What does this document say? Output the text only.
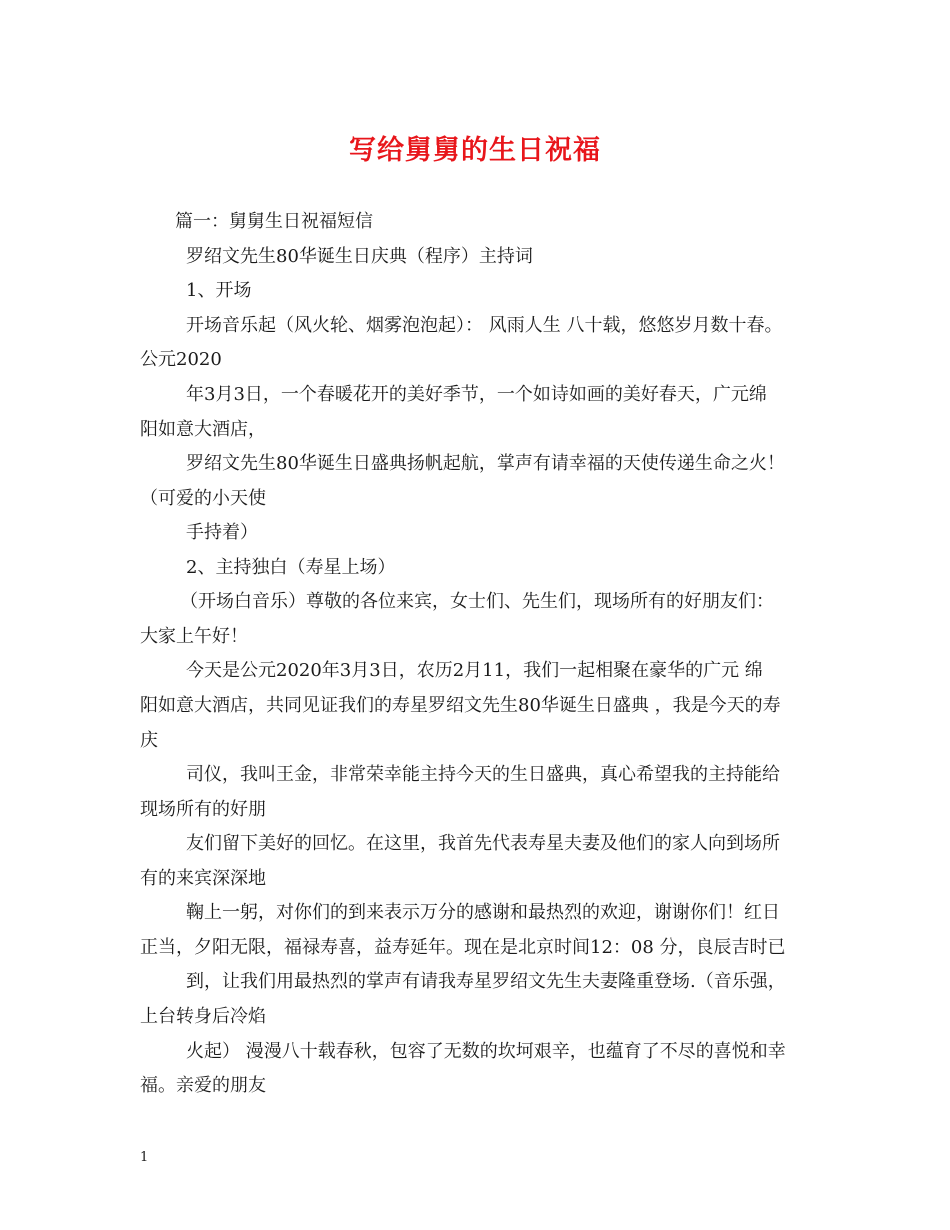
写给舅舅的生日祝福

篇一：舅舅生日祝福短信

罗绍文先生80华诞生日庆典（程序）主持词

1、开场

开场音乐起（风火轮、烟雾泡泡起）： 风雨人生 八十载，悠悠岁月数十春。

公元2020

年3月3日，一个春暖花开的美好季节，一个如诗如画的美好春天，广元绵

阳如意大酒店，

罗绍文先生80华诞生日盛典扬帆起航，掌声有请幸福的天使传递生命之火！

（可爱的小天使

手持着）

2、主持独白（寿星上场）

（开场白音乐）尊敬的各位来宾，女士们、先生们，现场所有的好朋友们：

大家上午好！

今天是公元2020年3月3日，农历2月11，我们一起相聚在豪华的广元 绵

阳如意大酒店，共同见证我们的寿星罗绍文先生80华诞生日盛典 ，我是今天的寿

庆

司仪，我叫王金，非常荣幸能主持今天的生日盛典，真心希望我的主持能给

现场所有的好朋

友们留下美好的回忆。在这里，我首先代表寿星夫妻及他们的家人向到场所

有的来宾深深地

鞠上一躬，对你们的到来表示万分的感谢和最热烈的欢迎，谢谢你们！红日

正当，夕阳无限，福禄寿喜，益寿延年。现在是北京时间12：08 分，良辰吉时已

到，让我们用最热烈的掌声有请我寿星罗绍文先生夫妻隆重登场.（音乐强，

上台转身后冷焰

火起） 漫漫八十载春秋，包容了无数的坎坷艰辛，也蕴育了不尽的喜悦和幸

福。亲爱的朋友

1
